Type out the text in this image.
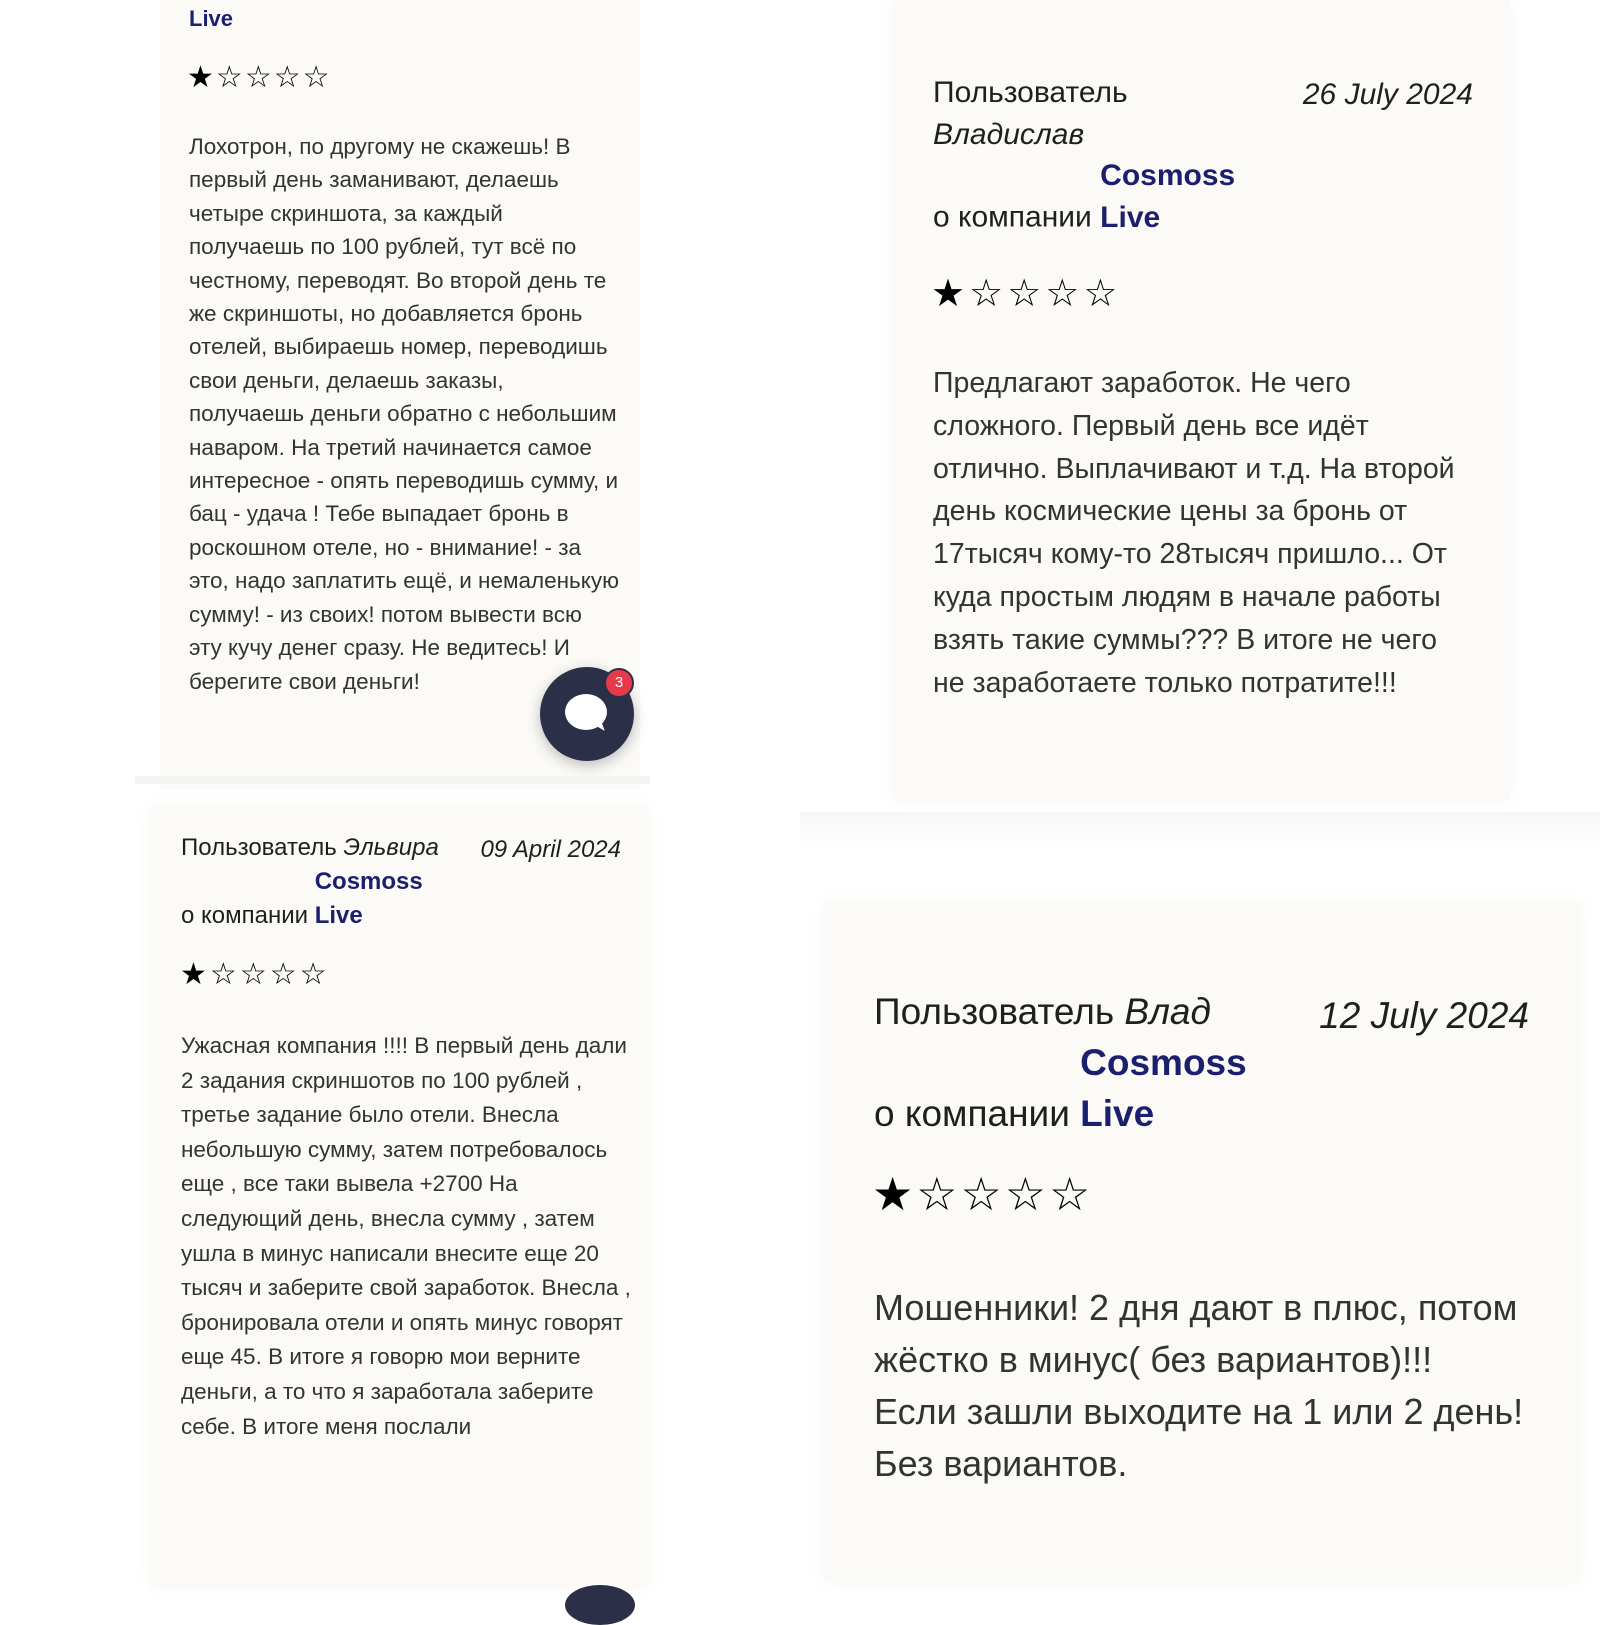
Live
★ ☆ ☆ ☆ ☆
Лохотрон, по другому не скажешь! В первый день заманивают, делаешь четыре скриншота, за каждый получаешь по 100 рублей, тут всё по честному, переводят. Во второй день те же скриншоты, но добавляется бронь отелей, выбираешь номер, переводишь свои деньги, делаешь заказы, получаешь деньги обратно с небольшим наваром. На третий начинается самое интересное - опять переводишь сумму, и бац - удача ! Тебе выпадает бронь в роскошном отеле, но - внимание! - за это, надо заплатить ещё, и немаленькую сумму! - из своих! потом вывести всю эту кучу денег сразу. Не ведитесь! И берегите свои деньги!
Пользователь
Владислав
о компании Cosmoss Live
26 July 2024
★ ☆ ☆ ☆ ☆
Предлагают заработок. Не чего сложного. Первый день все идёт отлично. Выплачивают и т.д. На второй день космические цены за бронь от 17тысяч кому-то 28тысяч пришло... От куда простым людям в начале работы взять такие суммы??? В итоге не чего не заработаете только потратите!!!
Пользователь Эльвира
о компании Cosmoss Live
09 April 2024
★ ☆ ☆ ☆ ☆
Ужасная компания !!!! В первый день дали 2 задания скриншотов по 100 рублей , третье задание было отели. Внесла небольшую сумму, затем потребовалось еще , все таки вывела +2700 На следующий день, внесла сумму , затем ушла в минус написали внесите еще 20 тысяч и заберите свой заработок. Внесла , бронировала отели и опять минус говорят еще 45. В итоге я говорю мои верните деньги, а то что я заработала заберите себе. В итоге меня послали
Пользователь Влад
о компании Cosmoss Live
12 July 2024
★ ☆ ☆ ☆ ☆
Мошенники! 2 дня дают в плюс, потом жёстко в минус( без вариантов)!!! Если зашли выходите на 1 или 2 день! Без вариантов.
3
